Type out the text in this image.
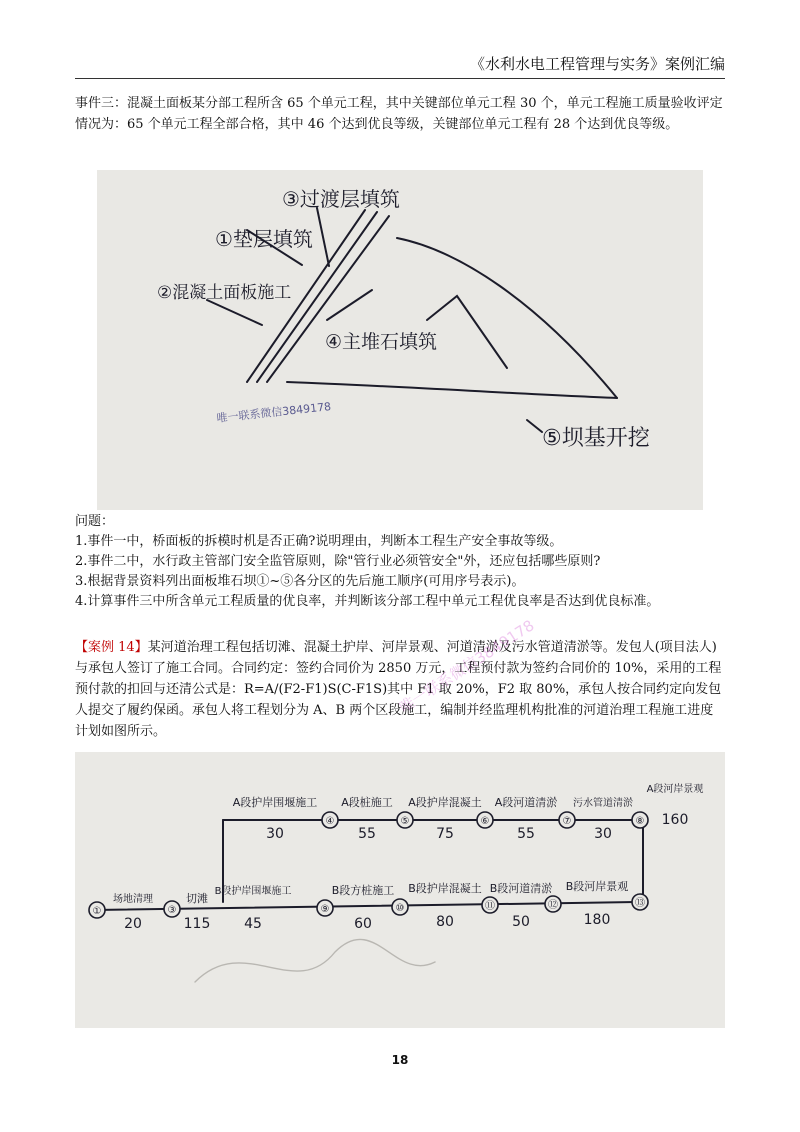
《水利水电工程管理与实务》案例汇编
事件三：混凝土面板某分部工程所含 65 个单元工程，其中关键部位单元工程 30 个，单元工程施工质量验收评定情况为：65 个单元工程全部合格，其中 46 个达到优良等级，关键部位单元工程有 28 个达到优良等级。
①垫层填筑
②混凝土面板施工
③过渡层填筑
④主堆石填筑
⑤坝基开挖
唯一联系微信3849178
问题：
1.事件一中，桥面板的拆模时机是否正确?说明理由，判断本工程生产安全事故等级。
2.事件二中，水行政主管部门安全监管原则，除"管行业必须管安全"外，还应包括哪些原则?
3.根据背景资料列出面板堆石坝①~⑤各分区的先后施工顺序(可用序号表示)。
4.计算事件三中所含单元工程质量的优良率，并判断该分部工程中单元工程优良率是否达到优良标准。
【案例 14】某河道治理工程包括切滩、混凝土护岸、河岸景观、河道清淤及污水管道清淤等。发包人(项目法人)与承包人签订了施工合同。合同约定：签约合同价为 2850 万元，工程预付款为签约合同价的 10%，采用的工程预付款的扣回与还清公式是：R=A/(F2-F1)S(C-F1S)其中 F1 取 20%，F2 取 80%，承包人按合同约定向发包人提交了履约保函。承包人将工程划分为 A、B 两个区段施工，编制并经监理机构批准的河道治理工程施工进度计划如图所示。
唯一联系微信3849178
①	③
④	⑤	⑥	⑦	⑧
⑨	⑩	⑪	⑫	⑬
A段护岸围堰施工
30
A段桩施工
55
A段护岸混凝土
75
A段河道清淤
55
污水管道清淤
30
A段河岸景观
160
场地清理
20
切滩
115
B段护岸围堰施工
45
B段方桩施工
60
B段护岸混凝土
80
B段河道清淤
50
B段河岸景观
180
18
